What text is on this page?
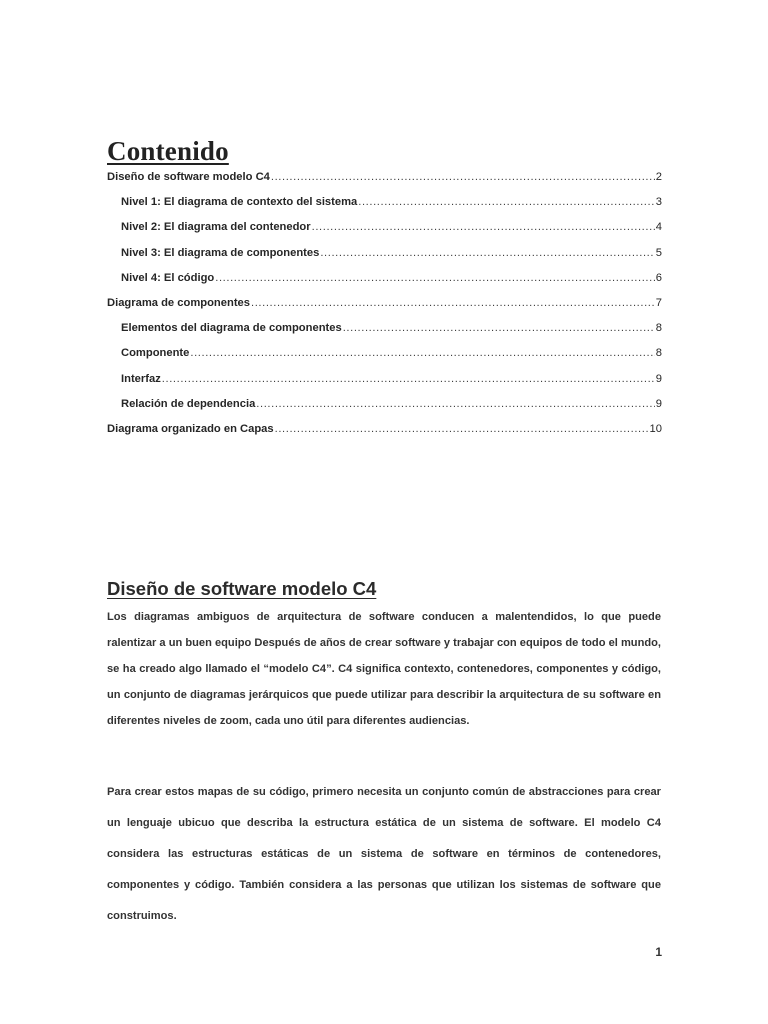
Contenido
Diseño de software modelo C4 .....	2
Nivel 1: El diagrama de contexto del sistema .....	3
Nivel 2: El diagrama del contenedor .....	4
Nivel 3: El diagrama de componentes .....	5
Nivel 4: El código .....	6
Diagrama de componentes .....	7
Elementos del diagrama de componentes .....	8
Componente .....	8
Interfaz .....	9
Relación de dependencia .....	9
Diagrama organizado en Capas .....	10
Diseño de software modelo C4

Los diagramas ambiguos de arquitectura de software conducen a malentendidos, lo que puede ralentizar a un buen equipo Después de años de crear software y trabajar con equipos de todo el mundo, se ha creado algo llamado el “modelo C4”. C4 significa contexto, contenedores, componentes y código, un conjunto de diagramas jerárquicos que puede utilizar para describir la arquitectura de su software en diferentes niveles de zoom, cada uno útil para diferentes audiencias.

Para crear estos mapas de su código, primero necesita un conjunto común de abstracciones para crear un lenguaje ubicuo que describa la estructura estática de un sistema de software. El modelo C4 considera las estructuras estáticas de un sistema de software en términos de contenedores, componentes y código. También considera a las personas que utilizan los sistemas de software que construimos.

1
